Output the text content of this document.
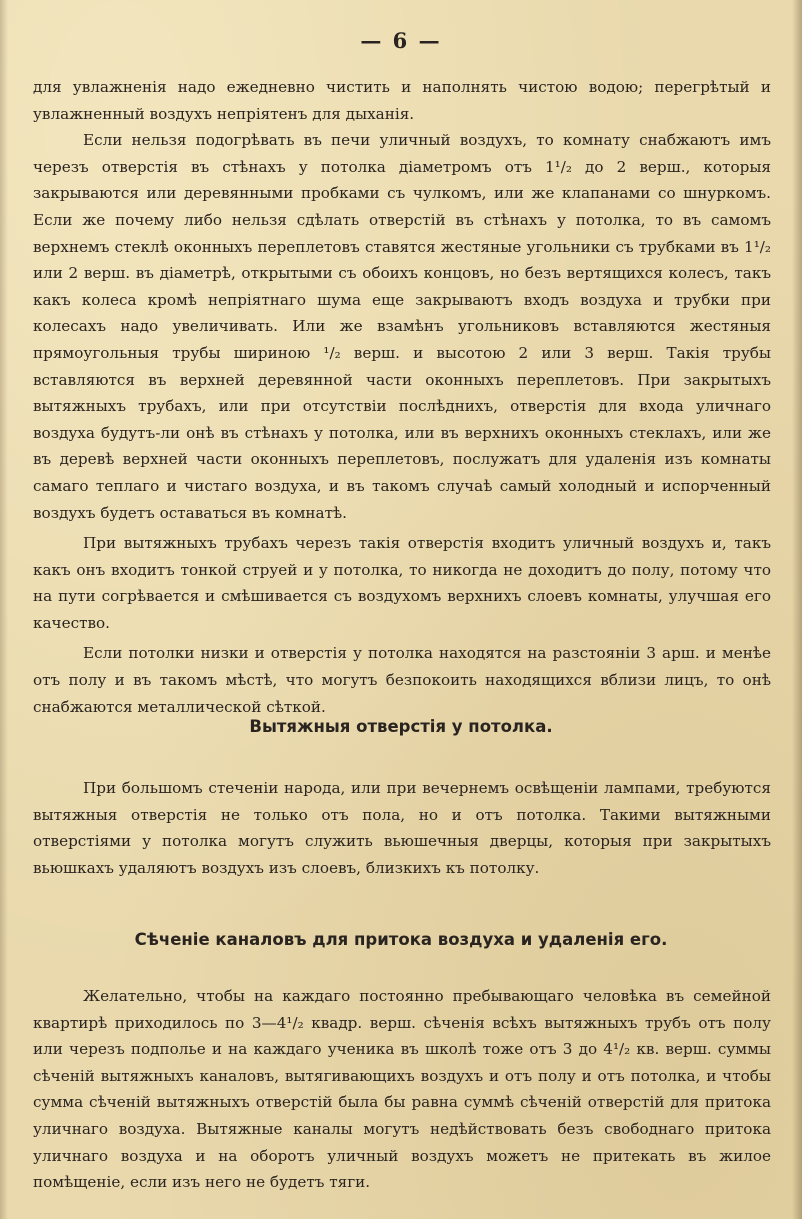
— 6 —

для увлажненія надо ежедневно чистить и наполнять чистою водою; перегрѣтый и увлажненный воздухъ непріятенъ для дыханія.

Если нельзя подогрѣвать въ печи уличный воздухъ, то комнату снабжаютъ имъ черезъ отверстія въ стѣнахъ у потолка діаметромъ отъ 1¹/₂ до 2 верш., которыя закрываются или деревянными пробками съ чулкомъ, или же клапанами со шнуркомъ. Если же почему либо нельзя сдѣлать отверстій въ стѣнахъ у потолка, то въ самомъ верхнемъ стеклѣ оконныхъ переплетовъ ставятся жестяные угольники съ трубками въ 1¹/₂ или 2 верш. въ діаметрѣ, открытыми съ обоихъ концовъ, но безъ вертящихся колесъ, такъ какъ колеса кромѣ непріятнаго шума еще закрываютъ входъ воздуха и трубки при колесахъ надо увеличивать. Или же взамѣнъ угольниковъ вставляются жестяныя прямоугольныя трубы шириною ¹/₂ верш. и высотою 2 или 3 верш. Такія трубы вставляются въ верхней деревянной части оконныхъ переплетовъ. При закрытыхъ вытяжныхъ трубахъ, или при отсутствіи послѣднихъ, отверстія для входа уличнаго воздуха будутъ-ли онѣ въ стѣнахъ у потолка, или въ верхнихъ оконныхъ стеклахъ, или же въ деревѣ верхней части оконныхъ переплетовъ, послужатъ для удаленія изъ комнаты самаго теплаго и чистаго воздуха, и въ такомъ случаѣ самый холодный и испорченный воздухъ будетъ оставаться въ комнатѣ.

При вытяжныхъ трубахъ черезъ такія отверстія входитъ уличный воздухъ и, такъ какъ онъ входитъ тонкой струей и у потолка, то никогда не доходитъ до полу, потому что на пути согрѣвается и смѣшивается съ воздухомъ верхнихъ слоевъ комнаты, улучшая его качество.

Если потолки низки и отверстія у потолка находятся на разстояніи 3 арш. и менѣе отъ полу и въ такомъ мѣстѣ, что могутъ безпокоить находящихся вблизи лицъ, то онѣ снабжаются металлической сѣткой.

Вытяжныя отверстія у потолка.

При большомъ стеченіи народа, или при вечернемъ освѣщеніи лампами, требуются вытяжныя отверстія не только отъ пола, но и отъ потолка. Такими вытяжными отверстіями у потолка могутъ служить вьюшечныя дверцы, которыя при закрытыхъ вьюшкахъ удаляютъ воздухъ изъ слоевъ, близкихъ къ потолку.

Сѣченіе каналовъ для притока воздуха и удаленія его.

Желательно, чтобы на каждаго постоянно пребывающаго человѣка въ семейной квартирѣ приходилось по 3—4¹/₂ квадр. верш. сѣченія всѣхъ вытяжныхъ трубъ отъ полу или черезъ подполье и на каждаго ученика въ школѣ тоже отъ 3 до 4¹/₂ кв. верш. суммы сѣченій вытяжныхъ каналовъ, вытягивающихъ воздухъ и отъ полу и отъ потолка, и чтобы сумма сѣченій вытяжныхъ отверстій была бы равна суммѣ сѣченій отверстій для притока уличнаго воздуха. Вытяжные каналы могутъ недѣйствовать безъ свободнаго притока уличнаго воздуха и на оборотъ уличный воздухъ можетъ не притекать въ жилое помѣщеніе, если изъ него не будетъ тяги.
